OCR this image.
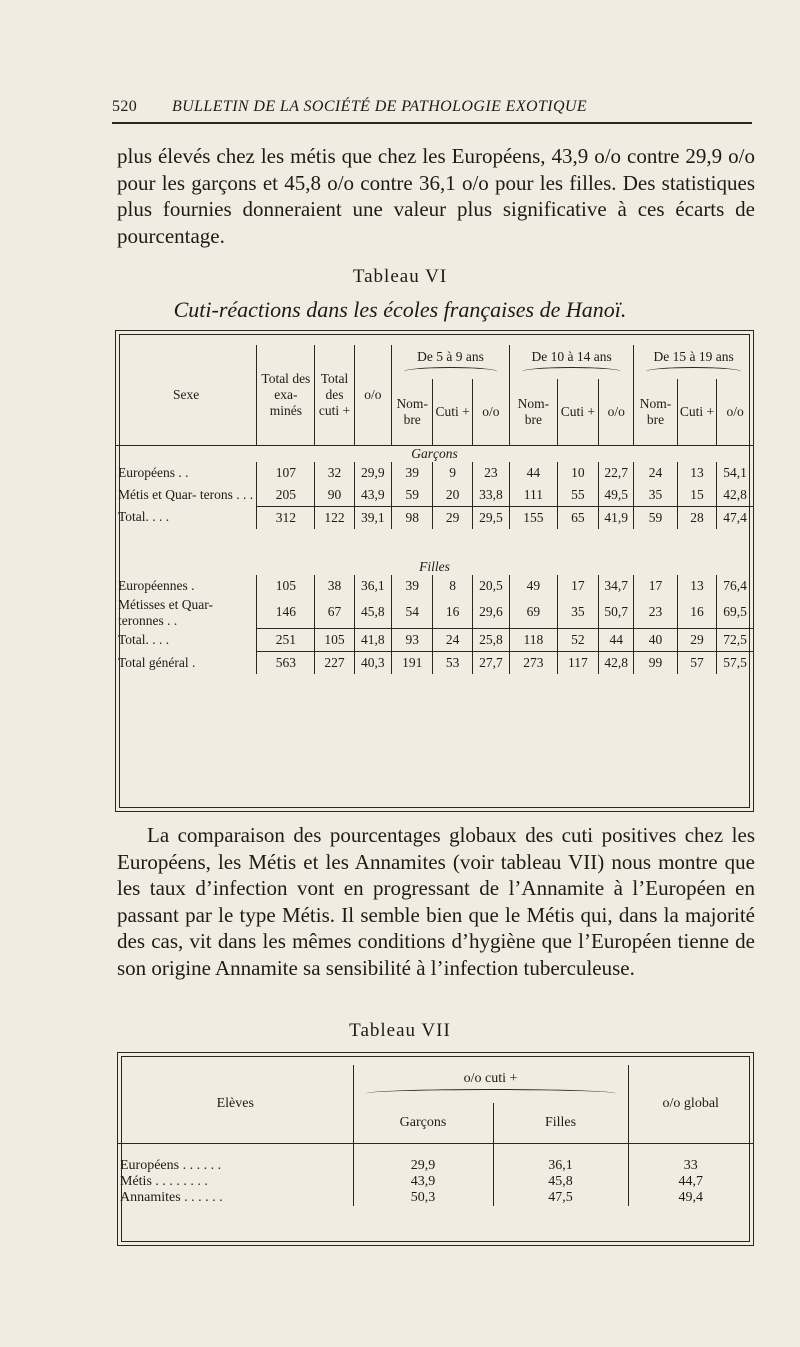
520 BULLETIN DE LA SOCIÉTÉ DE PATHOLOGIE EXOTIQUE
plus élevés chez les métis que chez les Européens, 43,9 o/o contre 29,9 o/o pour les garçons et 45,8 o/o contre 36,1 o/o pour les filles. Des statistiques plus fournies donneraient une valeur plus significative à ces écarts de pourcentage.
Tableau VI
Cuti-réactions dans les écoles françaises de Hanoï.
Sexe	Total des exa- minés	Total des cuti +	o/o	De 5 à 9 ans			De 10 à 14 ans			De 15 à 19 ans		

				Nom- bre	Cuti +	o/o	Nom- bre	Cuti +	o/o	Nom- bre	Cuti +	o/o
Garçons												
Européens . .	107	32	29,9	39	9	23	44	10	22,7	24	13	54,1
Métis et Quar- terons . . .	205	90	43,9	59	20	33,8	111	55	49,5	35	15	42,8
Total. . . .	312	122	39,1	98	29	29,5	155	65	41,9	59	28	47,4
Filles												
Européennes .	105	38	36,1	39	8	20,5	49	17	34,7	17	13	76,4
Métisses et Quar- teronnes . .	146	67	45,8	54	16	29,6	69	35	50,7	23	16	69,5
Total. . . .	251	105	41,8	93	24	25,8	118	52	44	40	29	72,5
Total général .	563	227	40,3	191	53	27,7	273	117	42,8	99	57	57,5
La comparaison des pourcentages globaux des cuti positives chez les Européens, les Métis et les Annamites (voir tableau VII) nous montre que les taux d’infection vont en progressant de l’Annamite à l’Européen en passant par le type Métis. Il semble bien que le Métis qui, dans la majorité des cas, vit dans les mêmes conditions d’hygiène que l’Européen tienne de son origine Annamite sa sensibilité à l’infection tuberculeuse.
Tableau VII
Elèves	o/o cuti +		o/o global
	Garçons	Filles	
Européens . . . . . .	29,9	36,1	33
Métis . . . . . . . .	43,9	45,8	44,7
Annamites . . . . . .	50,3	47,5	49,4
